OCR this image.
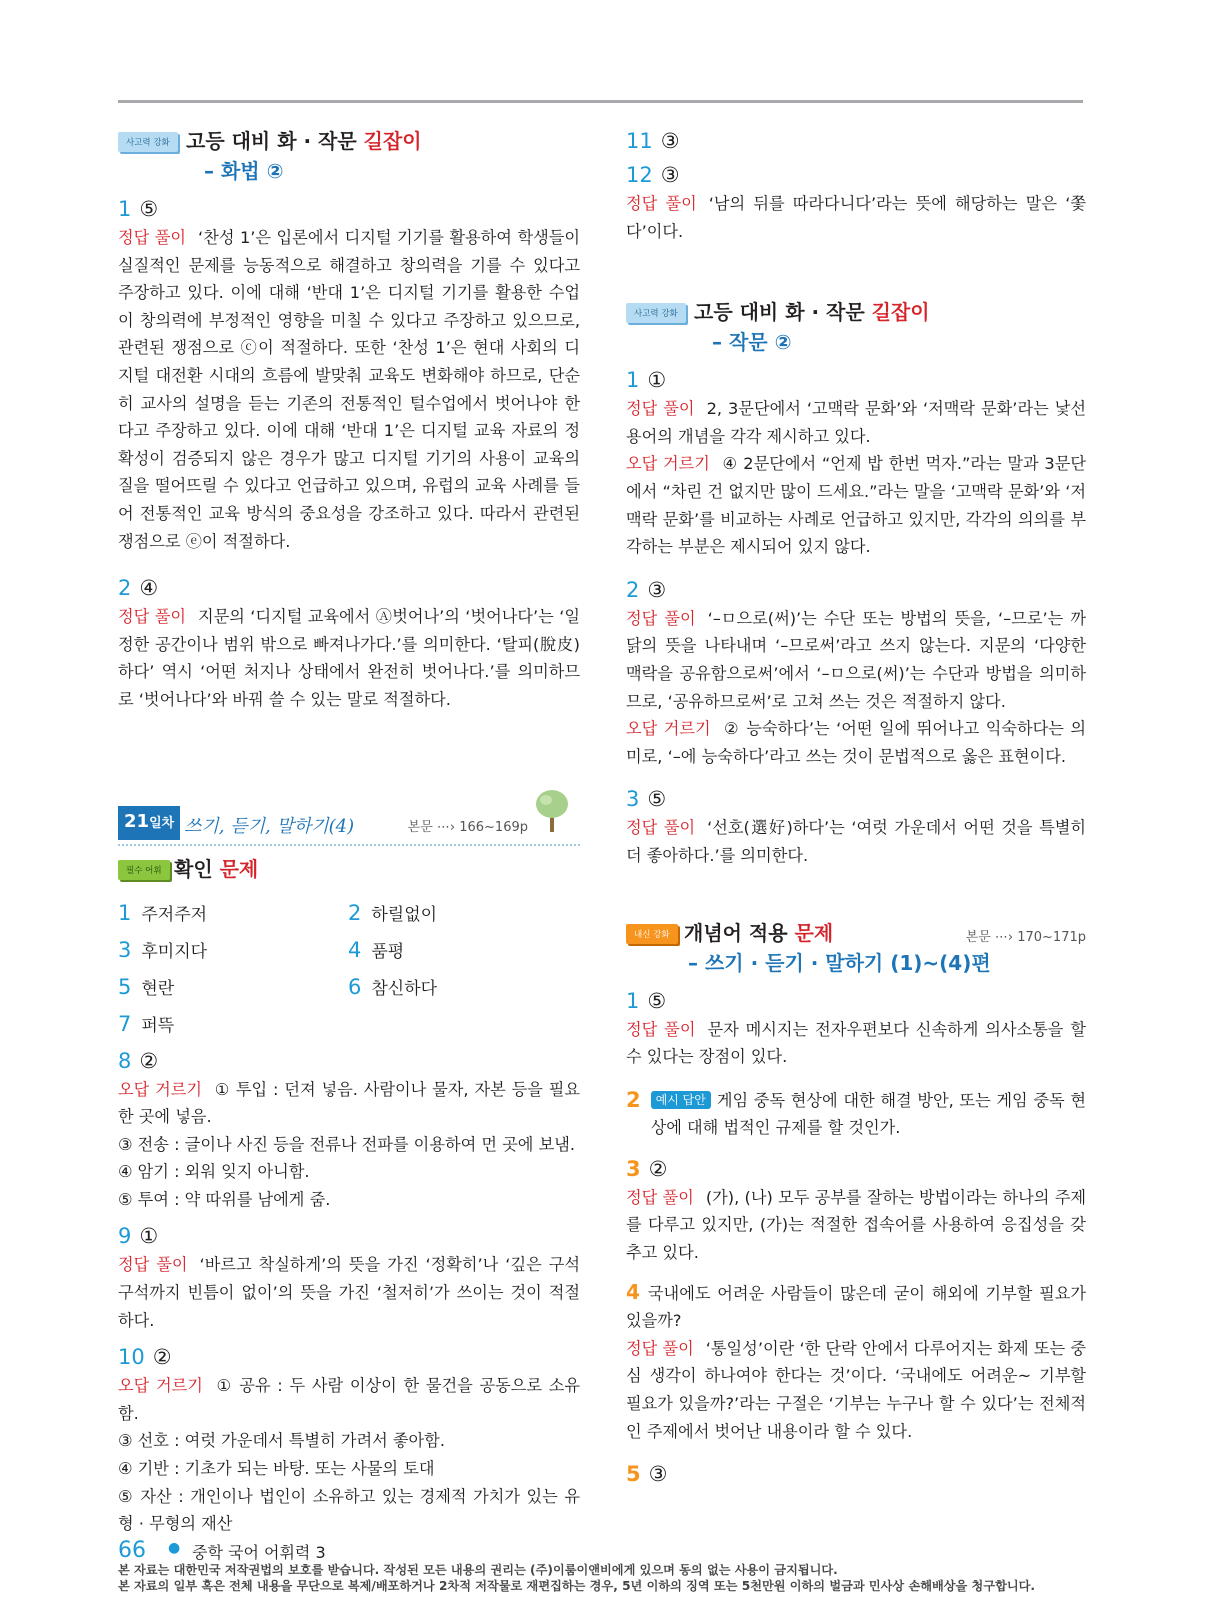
사고력 강화 고등 대비 화 · 작문 길잡이
– 화법 ②

1 ⑤

정답 풀이 ‘찬성 1’은 입론에서 디지털 기기를 활용하여 학생들이 실질적인 문제를 능동적으로 해결하고 창의력을 기를 수 있다고 주장하고 있다. 이에 대해 ‘반대 1’은 디지털 기기를 활용한 수업이 창의력에 부정적인 영향을 미칠 수 있다고 주장하고 있으므로, 관련된 쟁점으로 ⓒ이 적절하다. 또한 ‘찬성 1’은 현대 사회의 디지털 대전환 시대의 흐름에 발맞춰 교육도 변화해야 하므로, 단순히 교사의 설명을 듣는 기존의 전통적인 털수업에서 벗어나야 한다고 주장하고 있다. 이에 대해 ‘반대 1’은 디지털 교육 자료의 정확성이 검증되지 않은 경우가 많고 디지털 기기의 사용이 교육의 질을 떨어뜨릴 수 있다고 언급하고 있으며, 유럽의 교육 사례를 들어 전통적인 교육 방식의 중요성을 강조하고 있다. 따라서 관련된 쟁점으로 ⓔ이 적절하다.

2 ④

정답 풀이 지문의 ‘디지털 교육에서 Ⓐ벗어나’의 ‘벗어나다’는 ‘일정한 공간이나 범위 밖으로 빠져나가다.’를 의미한다. ‘탈피(脫皮)하다’ 역시 ‘어떤 처지나 상태에서 완전히 벗어나다.’를 의미하므로 ‘벗어나다’와 바꿔 쓸 수 있는 말로 적절하다.

21일차 쓰기, 듣기, 말하기(4)	본문 ⋯› 166~169p
필수 어휘 확인 문제
1 주저주저	2 하릴없이
3 후미지다	4 품평
5 현란	6 참신하다
7 퍼뜩

8 ②

오답 거르기 ① 투입 : 던져 넣음. 사람이나 물자, 자본 등을 필요한 곳에 넣음.

③ 전송 : 글이나 사진 등을 전류나 전파를 이용하여 먼 곳에 보냄.

④ 암기 : 외워 잊지 아니함.

⑤ 투여 : 약 따위를 남에게 줌.

9 ①

정답 풀이 ‘바르고 착실하게’의 뜻을 가진 ‘정확히’나 ‘깊은 구석 구석까지 빈틈이 없이’의 뜻을 가진 ‘철저히’가 쓰이는 것이 적절하다.

10 ②

오답 거르기 ① 공유 : 두 사람 이상이 한 물건을 공동으로 소유함.

③ 선호 : 여럿 가운데서 특별히 가려서 좋아함.

④ 기반 : 기초가 되는 바탕. 또는 사물의 토대

⑤ 자산 : 개인이나 법인이 소유하고 있는 경제적 가치가 있는 유형 · 무형의 재산

11 ③

12 ③

정답 풀이 ‘남의 뒤를 따라다니다’라는 뜻에 해당하는 말은 ‘쫓다’이다.

사고력 강화 고등 대비 화 · 작문 길잡이
– 작문 ②

1 ①

정답 풀이 2, 3문단에서 ‘고맥락 문화’와 ‘저맥락 문화’라는 낯선 용어의 개념을 각각 제시하고 있다.

오답 거르기 ④ 2문단에서 “언제 밥 한번 먹자.”라는 말과 3문단에서 “차린 건 없지만 많이 드세요.”라는 말을 ‘고맥락 문화’와 ‘저맥락 문화’를 비교하는 사례로 언급하고 있지만, 각각의 의의를 부각하는 부분은 제시되어 있지 않다.

2 ③

정답 풀이 ‘–ㅁ으로(써)’는 수단 또는 방법의 뜻을, ‘–므로’는 까닭의 뜻을 나타내며 ‘–므로써’라고 쓰지 않는다. 지문의 ‘다양한 맥락을 공유함으로써’에서 ‘–ㅁ으로(써)’는 수단과 방법을 의미하므로, ‘공유하므로써’로 고쳐 쓰는 것은 적절하지 않다.

오답 거르기 ② 능숙하다’는 ‘어떤 일에 뛰어나고 익숙하다는 의미로, ‘–에 능숙하다’라고 쓰는 것이 문법적으로 옳은 표현이다.

3 ⑤

정답 풀이 ‘선호(選好)하다’는 ‘여럿 가운데서 어떤 것을 특별히 더 좋아하다.’를 의미한다.

내신 강화 개념어 적용 문제	본문 ⋯› 170~171p
– 쓰기 · 듣기 · 말하기 (1)~(4)편

1 ⑤

정답 풀이 문자 메시지는 전자우편보다 신속하게 의사소통을 할 수 있다는 장점이 있다.

2	예시 답안 게임 중독 현상에 대한 해결 방안, 또는 게임 중독 현상에 대해 법적인 규제를 할 것인가.

3 ②

정답 풀이 (가), (나) 모두 공부를 잘하는 방법이라는 하나의 주제를 다루고 있지만, (가)는 적절한 접속어를 사용하여 응집성을 갖추고 있다.

4 국내에도 어려운 사람들이 많은데 굳이 해외에 기부할 필요가 있을까?

정답 풀이 ‘통일성’이란 ‘한 단락 안에서 다루어지는 화제 또는 중심 생각이 하나여야 한다는 것’이다. ‘국내에도 어려운~ 기부할 필요가 있을까?’라는 구절은 ‘기부는 누구나 할 수 있다’는 전체적인 주제에서 벗어난 내용이라 할 수 있다.

5 ③

66 ● 중학 국어 어휘력 3
본 자료는 대한민국 저작권법의 보호를 받습니다. 작성된 모든 내용의 권리는 (주)이룸이앤비에게 있으며 동의 없는 사용이 금지됩니다.
본 자료의 일부 혹은 전체 내용을 무단으로 복제/배포하거나 2차적 저작물로 재편집하는 경우, 5년 이하의 징역 또는 5천만원 이하의 벌금과 민사상 손해배상을 청구합니다.
